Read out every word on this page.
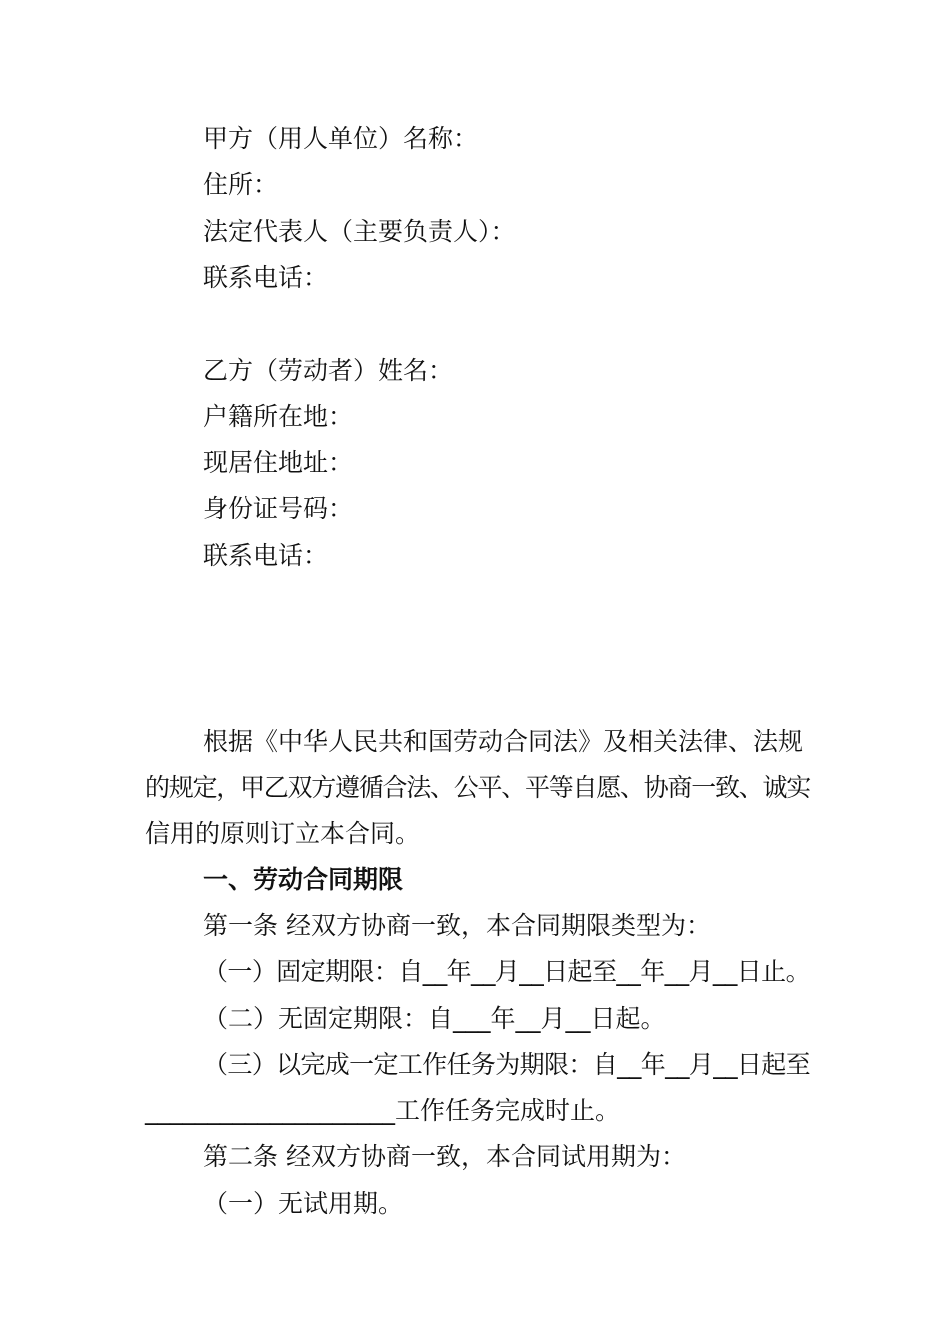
甲方（用人单位）名称：
住所：
法定代表人（主要负责人）：
联系电话：
乙方（劳动者）姓名：
户籍所在地：
现居住地址：
身份证号码：
联系电话：
根据《中华人民共和国劳动合同法》及相关法律、法规
的规定，甲乙双方遵循合法、公平、平等自愿、协商一致、诚实
信用的原则订立本合同。
一、劳动合同期限
第一条 经双方协商一致，本合同期限类型为：
（一）固定期限：自__年__月__日起至__年__月__日止。
（二）无固定期限：自___年__月__日起。
（三）以完成一定工作任务为期限：自__年__月__日起至
____________________工作任务完成时止。
第二条 经双方协商一致，本合同试用期为：
（一）无试用期。
